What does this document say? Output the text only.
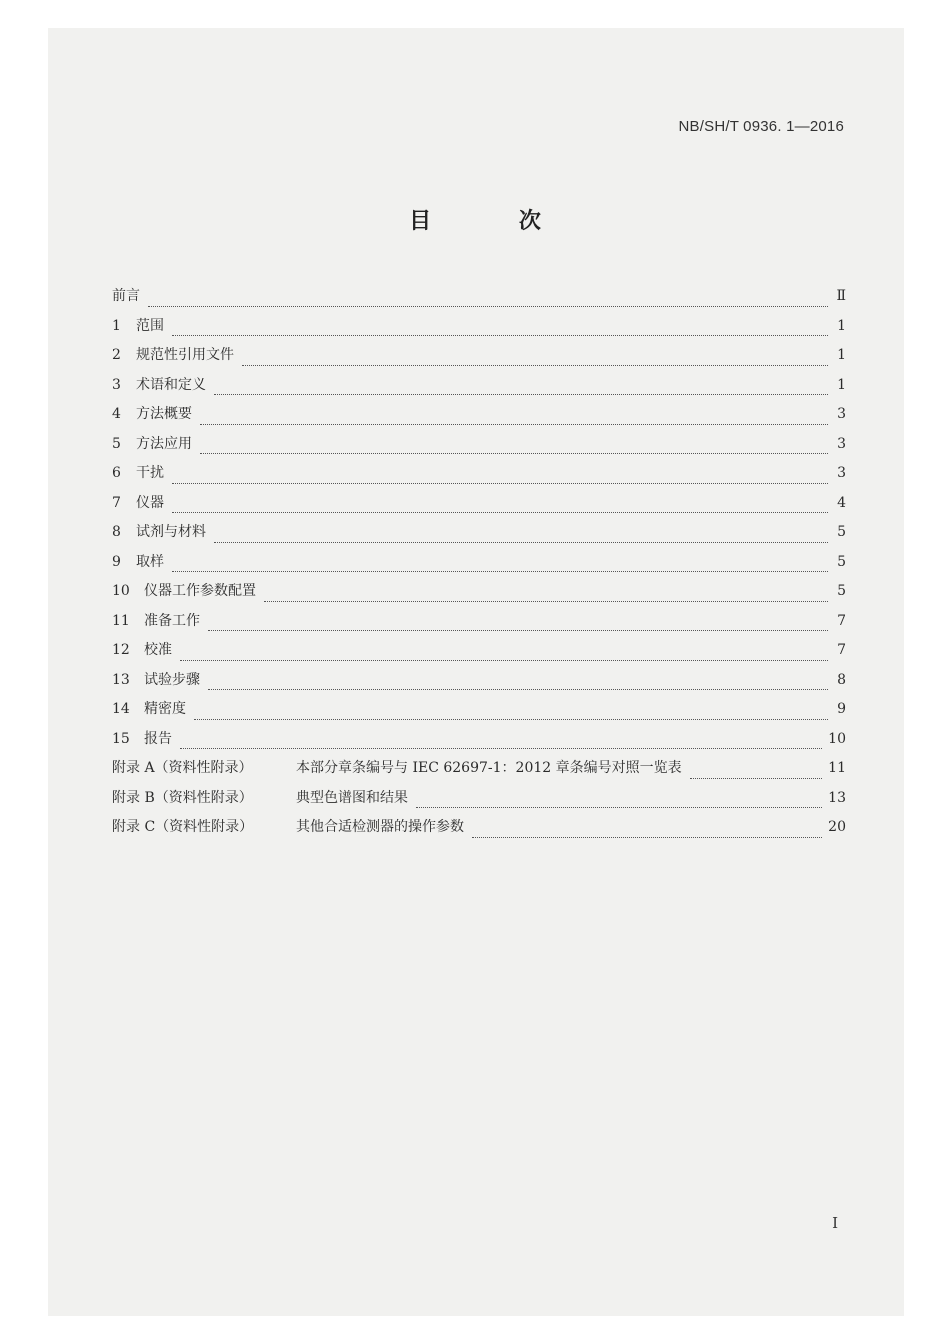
NB/SH/T 0936. 1—2016
目 次
前言	Ⅱ
1	范围	1
2	规范性引用文件	1
3	术语和定义	1
4	方法概要	3
5	方法应用	3
6	干扰	3
7	仪器	4
8	试剂与材料	5
9	取样	5
10	仪器工作参数配置	5
11	准备工作	7
12	校准	7
13	试验步骤	8
14	精密度	9
15	报告	10
附录 A（资料性附录）	本部分章条编号与 IEC 62697-1：2012 章条编号对照一览表	11
附录 B（资料性附录）	典型色谱图和结果	13
附录 C（资料性附录）	其他合适检测器的操作参数	20
I
